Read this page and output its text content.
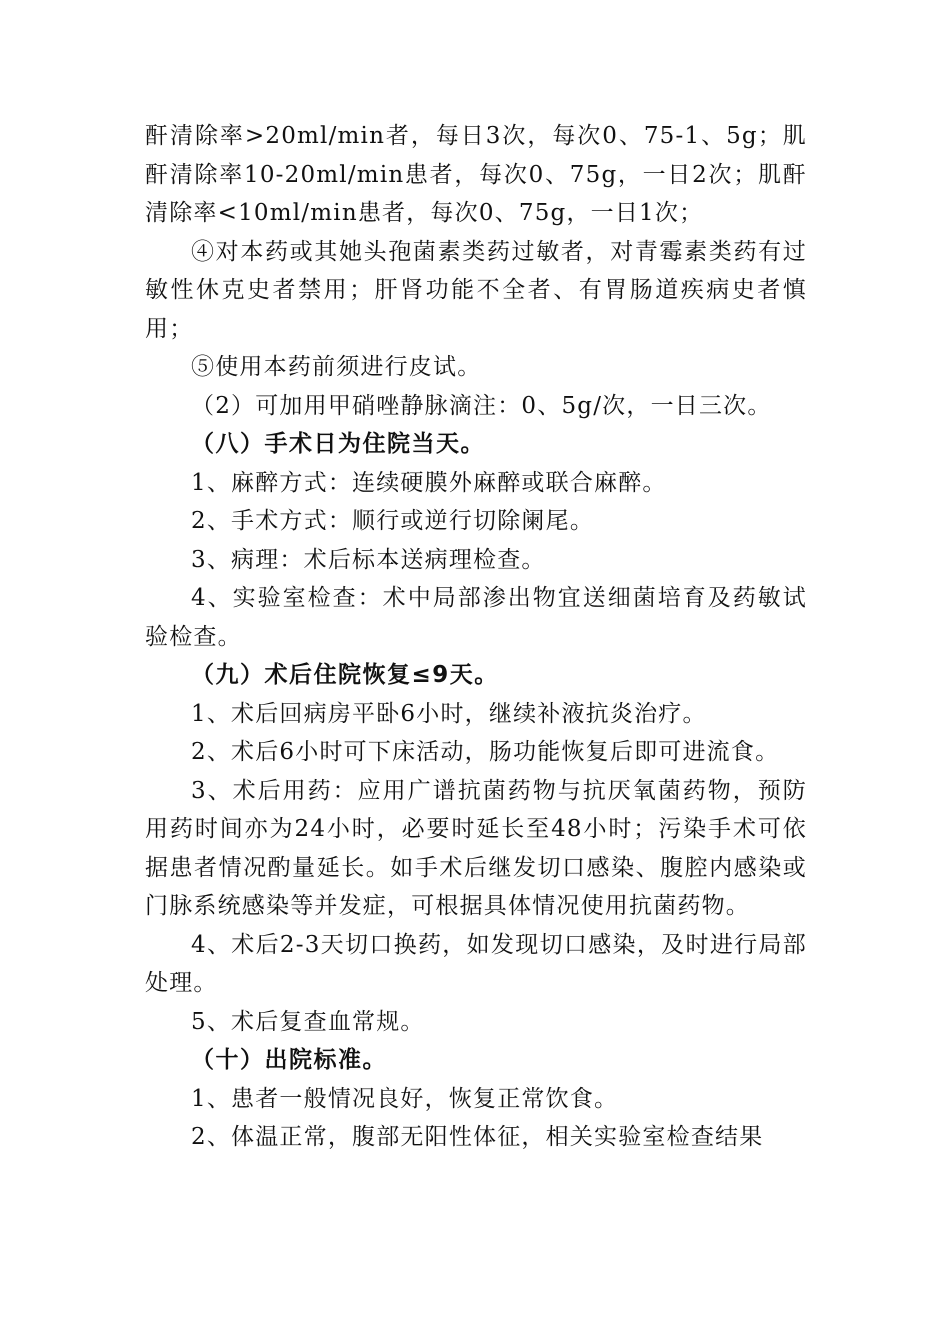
酐清除率>20ml/min者，每日3次，每次0、75-1、5g；肌酐清除率10-20ml/min患者，每次0、75g，一日2次；肌酐清除率<10ml/min患者，每次0、75g，一日1次；

④对本药或其她头孢菌素类药过敏者，对青霉素类药有过敏性休克史者禁用；肝肾功能不全者、有胃肠道疾病史者慎用；

⑤使用本药前须进行皮试。

（2）可加用甲硝唑静脉滴注：0、5g/次，一日三次。

（八）手术日为住院当天。

1、麻醉方式：连续硬膜外麻醉或联合麻醉。

2、手术方式：顺行或逆行切除阑尾。

3、病理：术后标本送病理检查。

4、实验室检查：术中局部渗出物宜送细菌培育及药敏试验检查。

（九）术后住院恢复≤9天。

1、术后回病房平卧6小时，继续补液抗炎治疗。

2、术后6小时可下床活动，肠功能恢复后即可进流食。

3、术后用药：应用广谱抗菌药物与抗厌氧菌药物，预防用药时间亦为24小时，必要时延长至48小时；污染手术可依据患者情况酌量延长。如手术后继发切口感染、腹腔内感染或门脉系统感染等并发症，可根据具体情况使用抗菌药物。

4、术后2-3天切口换药，如发现切口感染，及时进行局部处理。

5、术后复查血常规。

（十）出院标准。

1、患者一般情况良好，恢复正常饮食。

2、体温正常，腹部无阳性体征，相关实验室检查结果
